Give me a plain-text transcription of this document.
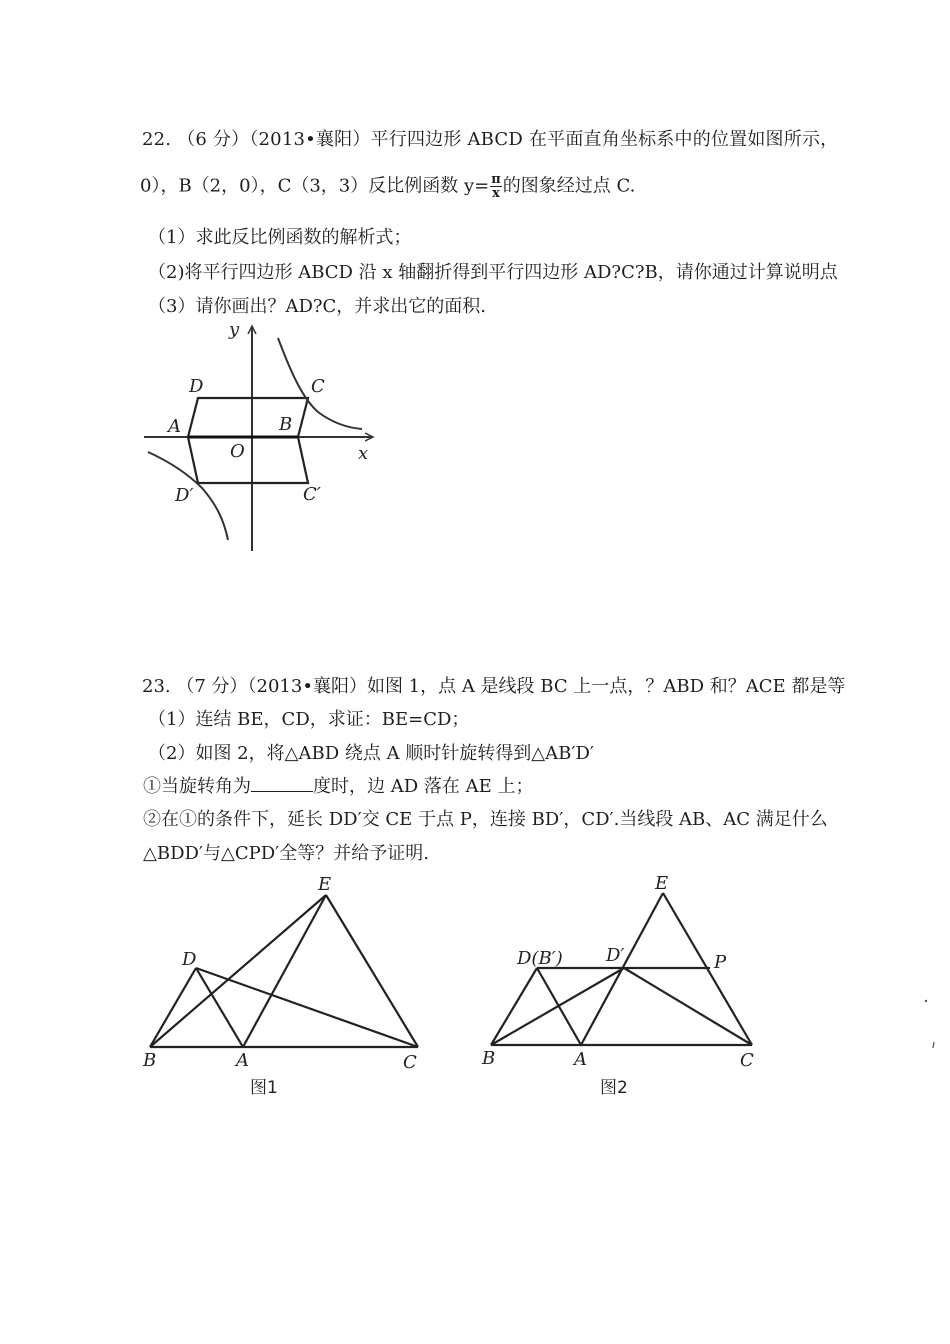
22. （6 分）（2013•襄阳）平行四边形 ABCD 在平面直角坐标系中的位置如图所示，
0），B（2，0），C（3，3）反比例函数 $y= \frac{\pi}{x}$ 的图象经过点 C.
（1）求此反比例函数的解析式；
（2)将平行四边形 ABCD 沿 x 轴翻折得到平行四边形 AD?C?B，请你通过计算说明点
（3）请你画出？AD?C，并求出它的面积.
y
x
O
A	B
C
D
C′
D′
23. （7 分）（2013•襄阳）如图 1，点 A 是线段 BC 上一点，？ABD 和？ACE 都是等
（1）连结 BE，CD，求证：BE=CD；
（2）如图 2，将△ABD 绕点 A 顺时针旋转得到△AB′D′
①当旋转角为	度时，边 AD 落在 AE 上；
②在①的条件下，延长 DD′交 CE 于点 P，连接 BD′，CD′.当线段 AB、AC 满足什么
△BDD′与△CPD′全等？并给予证明.
E
D
B	A	C
图1
E
D(B′) D′	P
B	A	C
图2
